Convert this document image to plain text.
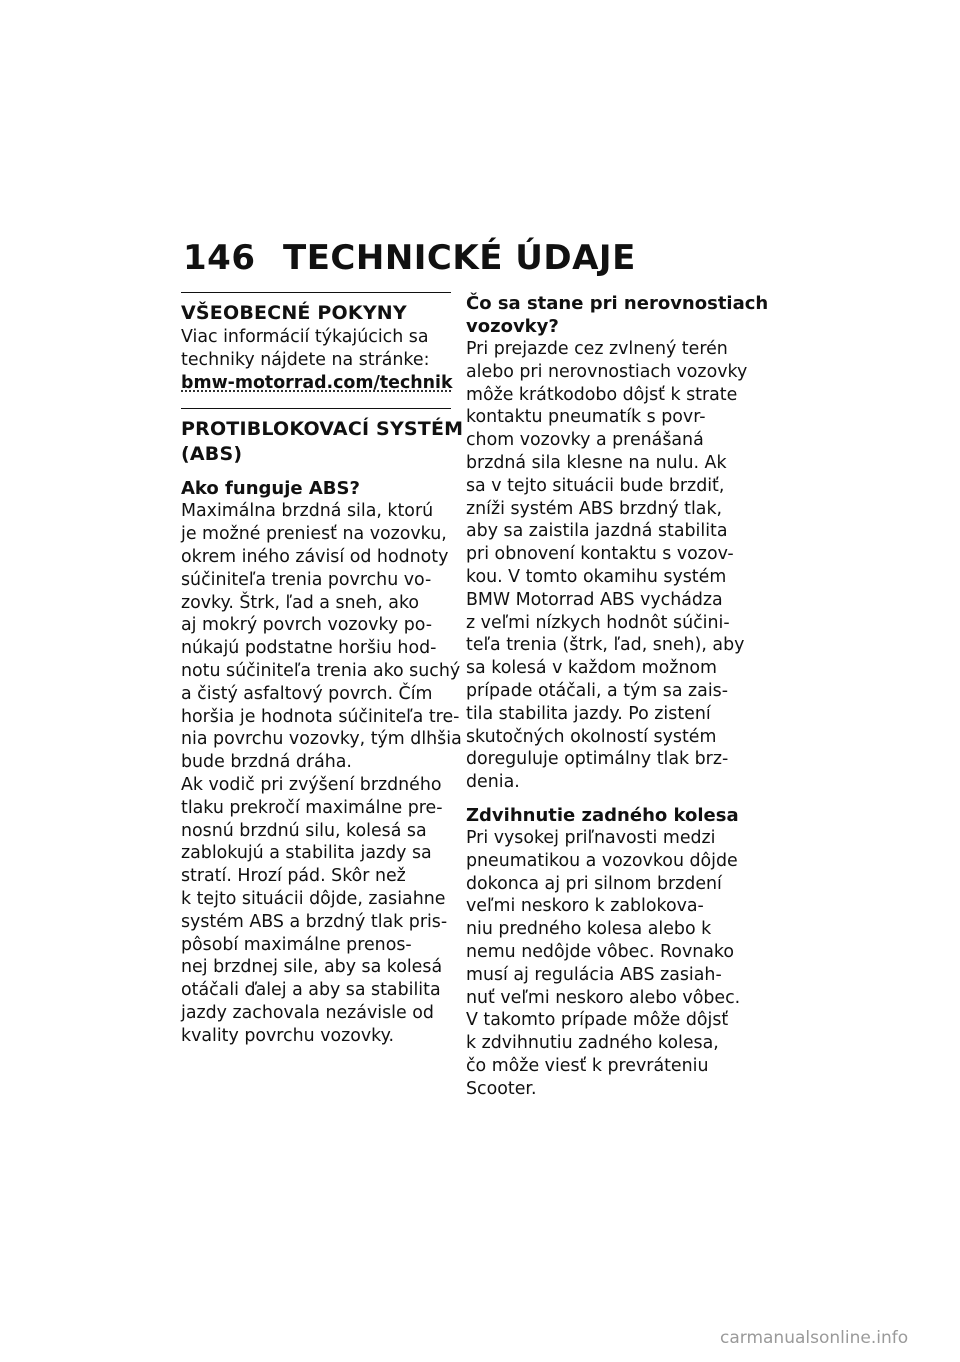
146 TECHNICKÉ ÚDAJE
VŠEOBECNÉ POKYNY
Viac informácií týkajúcich sa
techniky nájdete na stránke:
bmw-motorrad.com/technik
PROTIBLOKOVACÍ SYSTÉM
(ABS)
Ako funguje ABS?
Maximálna brzdná sila, ktorú
je možné preniesť na vozovku,
okrem iného závisí od hodnoty
súčiniteľa trenia povrchu vo-
zovky. Štrk, ľad a sneh, ako
aj mokrý povrch vozovky po-
núkajú podstatne horšiu hod-
notu súčiniteľa trenia ako suchý
a čistý asfaltový povrch. Čím
horšia je hodnota súčiniteľa tre-
nia povrchu vozovky, tým dlhšia
bude brzdná dráha.
Ak vodič pri zvýšení brzdného
tlaku prekročí maximálne pre-
nosnú brzdnú silu, kolesá sa
zablokujú a stabilita jazdy sa
stratí. Hrozí pád. Skôr než
k tejto situácii dôjde, zasiahne
systém ABS a brzdný tlak pris-
pôsobí maximálne prenos-
nej brzdnej sile, aby sa kolesá
otáčali ďalej a aby sa stabilita
jazdy zachovala nezávisle od
kvality povrchu vozovky.
Čo sa stane pri nerovnostiach
vozovky?
Pri prejazde cez zvlnený terén
alebo pri nerovnostiach vozovky
môže krátkodobo dôjsť k strate
kontaktu pneumatík s povr-
chom vozovky a prenášaná
brzdná sila klesne na nulu. Ak
sa v tejto situácii bude brzdiť,
zníži systém ABS brzdný tlak,
aby sa zaistila jazdná stabilita
pri obnovení kontaktu s vozov-
kou. V tomto okamihu systém
BMW Motorrad ABS vychádza
z veľmi nízkych hodnôt súčini-
teľa trenia (štrk, ľad, sneh), aby
sa kolesá v každom možnom
prípade otáčali, a tým sa zais-
tila stabilita jazdy. Po zistení
skutočných okolností systém
doreguluje optimálny tlak brz-
denia.
Zdvihnutie zadného kolesa
Pri vysokej priľnavosti medzi
pneumatikou a vozovkou dôjde
dokonca aj pri silnom brzdení
veľmi neskoro k zablokova-
niu predného kolesa alebo k
nemu nedôjde vôbec. Rovnako
musí aj regulácia ABS zasiah-
nuť veľmi neskoro alebo vôbec.
V takomto prípade môže dôjsť
k zdvihnutiu zadného kolesa,
čo môže viesť k prevráteniu
Scooter.
carmanualsonline.info
